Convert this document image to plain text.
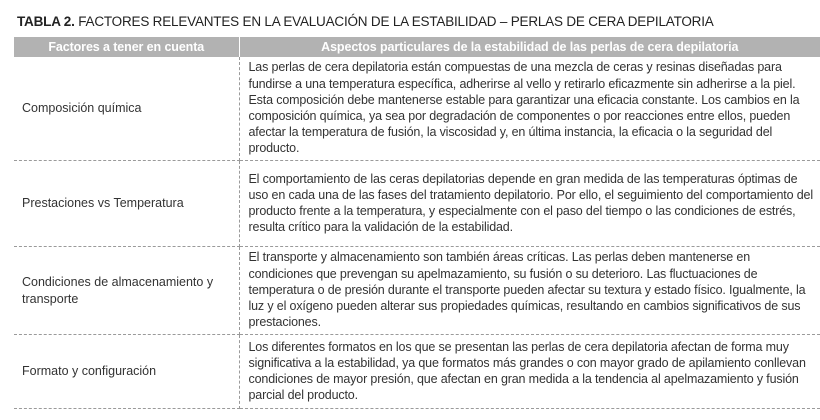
TABLA 2. FACTORES RELEVANTES EN LA EVALUACIÓN DE LA ESTABILIDAD – PERLAS DE CERA DEPILATORIA
Factores a tener en cuenta	Aspectos particulares de la estabilidad de las perlas de cera depilatoria
Composición química	Las perlas de cera depilatoria están compuestas de una mezcla de ceras y resinas diseñadas para fundirse a una temperatura específica, adherirse al vello y retirarlo eficazmente sin adherirse a la piel. Esta composición debe mantenerse estable para garantizar una eficacia constante. Los cambios en la composición química, ya sea por degradación de componentes o por reacciones entre ellos, pueden afectar la temperatura de fusión, la viscosidad y, en última instancia, la eficacia o la seguridad del producto.
Prestaciones vs Temperatura	El comportamiento de las ceras depilatorias depende en gran medida de las temperaturas óptimas de uso en cada una de las fases del tratamiento depilatorio. Por ello, el seguimiento del comportamiento del producto frente a la temperatura, y especialmente con el paso del tiempo o las condiciones de estrés, resulta crítico para la validación de la estabilidad.
Condiciones de almacenamiento y transporte	El transporte y almacenamiento son también áreas críticas. Las perlas deben mantenerse en condiciones que prevengan su apelmazamiento, su fusión o su deterioro. Las fluctuaciones de temperatura o de presión durante el transporte pueden afectar su textura y estado físico. Igualmente, la luz y el oxígeno pueden alterar sus propiedades químicas, resultando en cambios significativos de sus prestaciones.
Formato y configuración	Los diferentes formatos en los que se presentan las perlas de cera depilatoria afectan de forma muy significativa a la estabilidad, ya que formatos más grandes o con mayor grado de apilamiento conllevan condiciones de mayor presión, que afectan en gran medida a la tendencia al apelmazamiento y fusión parcial del producto.
